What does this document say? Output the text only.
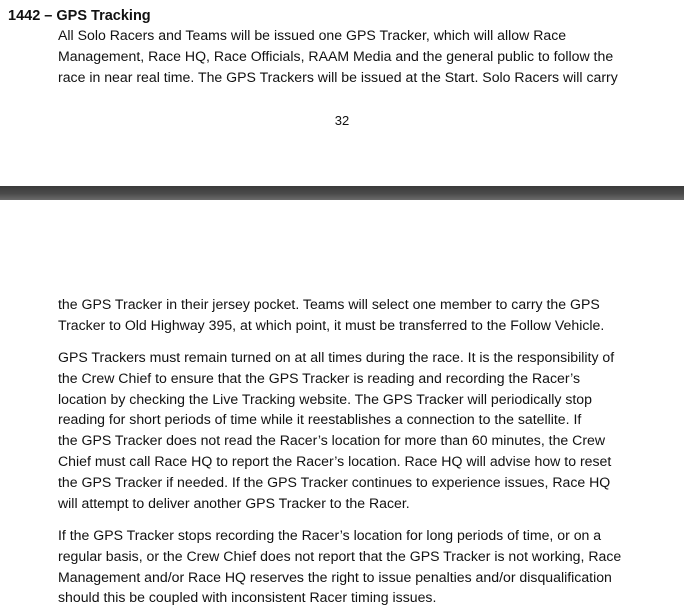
1442 – GPS Tracking

All Solo Racers and Teams will be issued one GPS Tracker, which will allow Race
Management, Race HQ, Race Officials, RAAM Media and the general public to follow the
race in near real time. The GPS Trackers will be issued at the Start. Solo Racers will carry

32

the GPS Tracker in their jersey pocket. Teams will select one member to carry the GPS
Tracker to Old Highway 395, at which point, it must be transferred to the Follow Vehicle.

GPS Trackers must remain turned on at all times during the race. It is the responsibility of
the Crew Chief to ensure that the GPS Tracker is reading and recording the Racer’s
location by checking the Live Tracking website. The GPS Tracker will periodically stop
reading for short periods of time while it reestablishes a connection to the satellite. If
the GPS Tracker does not read the Racer’s location for more than 60 minutes, the Crew
Chief must call Race HQ to report the Racer’s location. Race HQ will advise how to reset
the GPS Tracker if needed. If the GPS Tracker continues to experience issues, Race HQ
will attempt to deliver another GPS Tracker to the Racer.

If the GPS Tracker stops recording the Racer’s location for long periods of time, or on a
regular basis, or the Crew Chief does not report that the GPS Tracker is not working, Race
Management and/or Race HQ reserves the right to issue penalties and/or disqualification
should this be coupled with inconsistent Racer timing issues.
